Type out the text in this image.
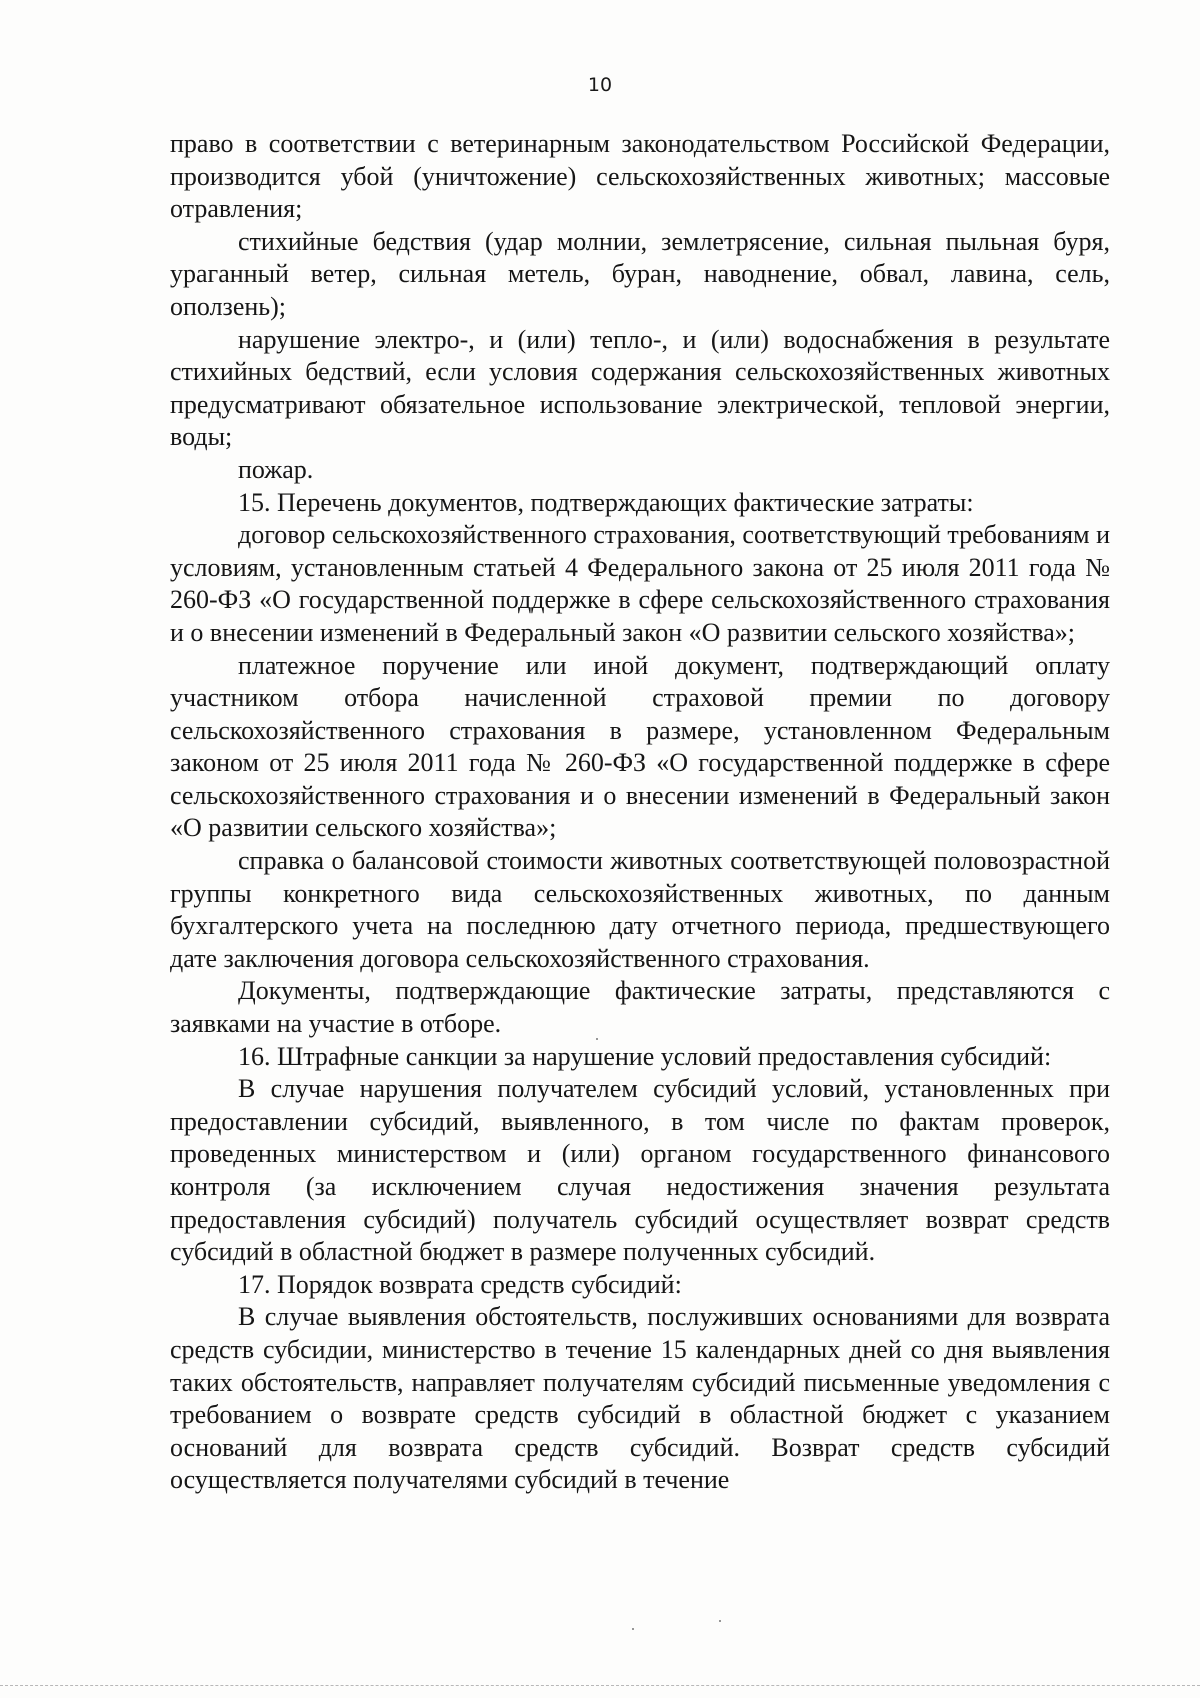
10

право в соответствии с ветеринарным законодательством Российской Федерации, производится убой (уничтожение) сельскохозяйственных животных; массовые отравления;

стихийные бедствия (удар молнии, землетрясение, сильная пыльная буря, ураганный ветер, сильная метель, буран, наводнение, обвал, лавина, сель, оползень);

нарушение электро-, и (или) тепло-, и (или) водоснабжения в результате стихийных бедствий, если условия содержания сельскохозяйственных животных предусматривают обязательное использование электрической, тепловой энергии, воды;

пожар.

15. Перечень документов, подтверждающих фактические затраты:

договор сельскохозяйственного страхования, соответствующий требованиям и условиям, установленным статьей 4 Федерального закона от 25 июля 2011 года № 260-ФЗ «О государственной поддержке в сфере сельскохозяйственного страхования и о внесении изменений в Федеральный закон «О развитии сельского хозяйства»;

платежное поручение или иной документ, подтверждающий оплату участником отбора начисленной страховой премии по договору сельскохозяйственного страхования в размере, установленном Федеральным законом от 25 июля 2011 года № 260-ФЗ «О государственной поддержке в сфере сельскохозяйственного страхования и о внесении изменений в Федеральный закон «О развитии сельского хозяйства»;

справка о балансовой стоимости животных соответствующей половозрастной группы конкретного вида сельскохозяйственных животных, по данным бухгалтерского учета на последнюю дату отчетного периода, предшествующего дате заключения договора сельскохозяйственного страхования.

Документы, подтверждающие фактические затраты, представляются с заявками на участие в отборе.

16. Штрафные санкции за нарушение условий предоставления субсидий:

В случае нарушения получателем субсидий условий, установленных при предоставлении субсидий, выявленного, в том числе по фактам проверок, проведенных министерством и (или) органом государственного финансового контроля (за исключением случая недостижения значения результата предоставления субсидий) получатель субсидий осуществляет возврат средств субсидий в областной бюджет в размере полученных субсидий.

17. Порядок возврата средств субсидий:

В случае выявления обстоятельств, послуживших основаниями для возврата средств субсидии, министерство в течение 15 календарных дней со дня выявления таких обстоятельств, направляет получателям субсидий письменные уведомления с требованием о возврате средств субсидий в областной бюджет с указанием оснований для возврата средств субсидий. Возврат средств субсидий осуществляется получателями субсидий в течение
